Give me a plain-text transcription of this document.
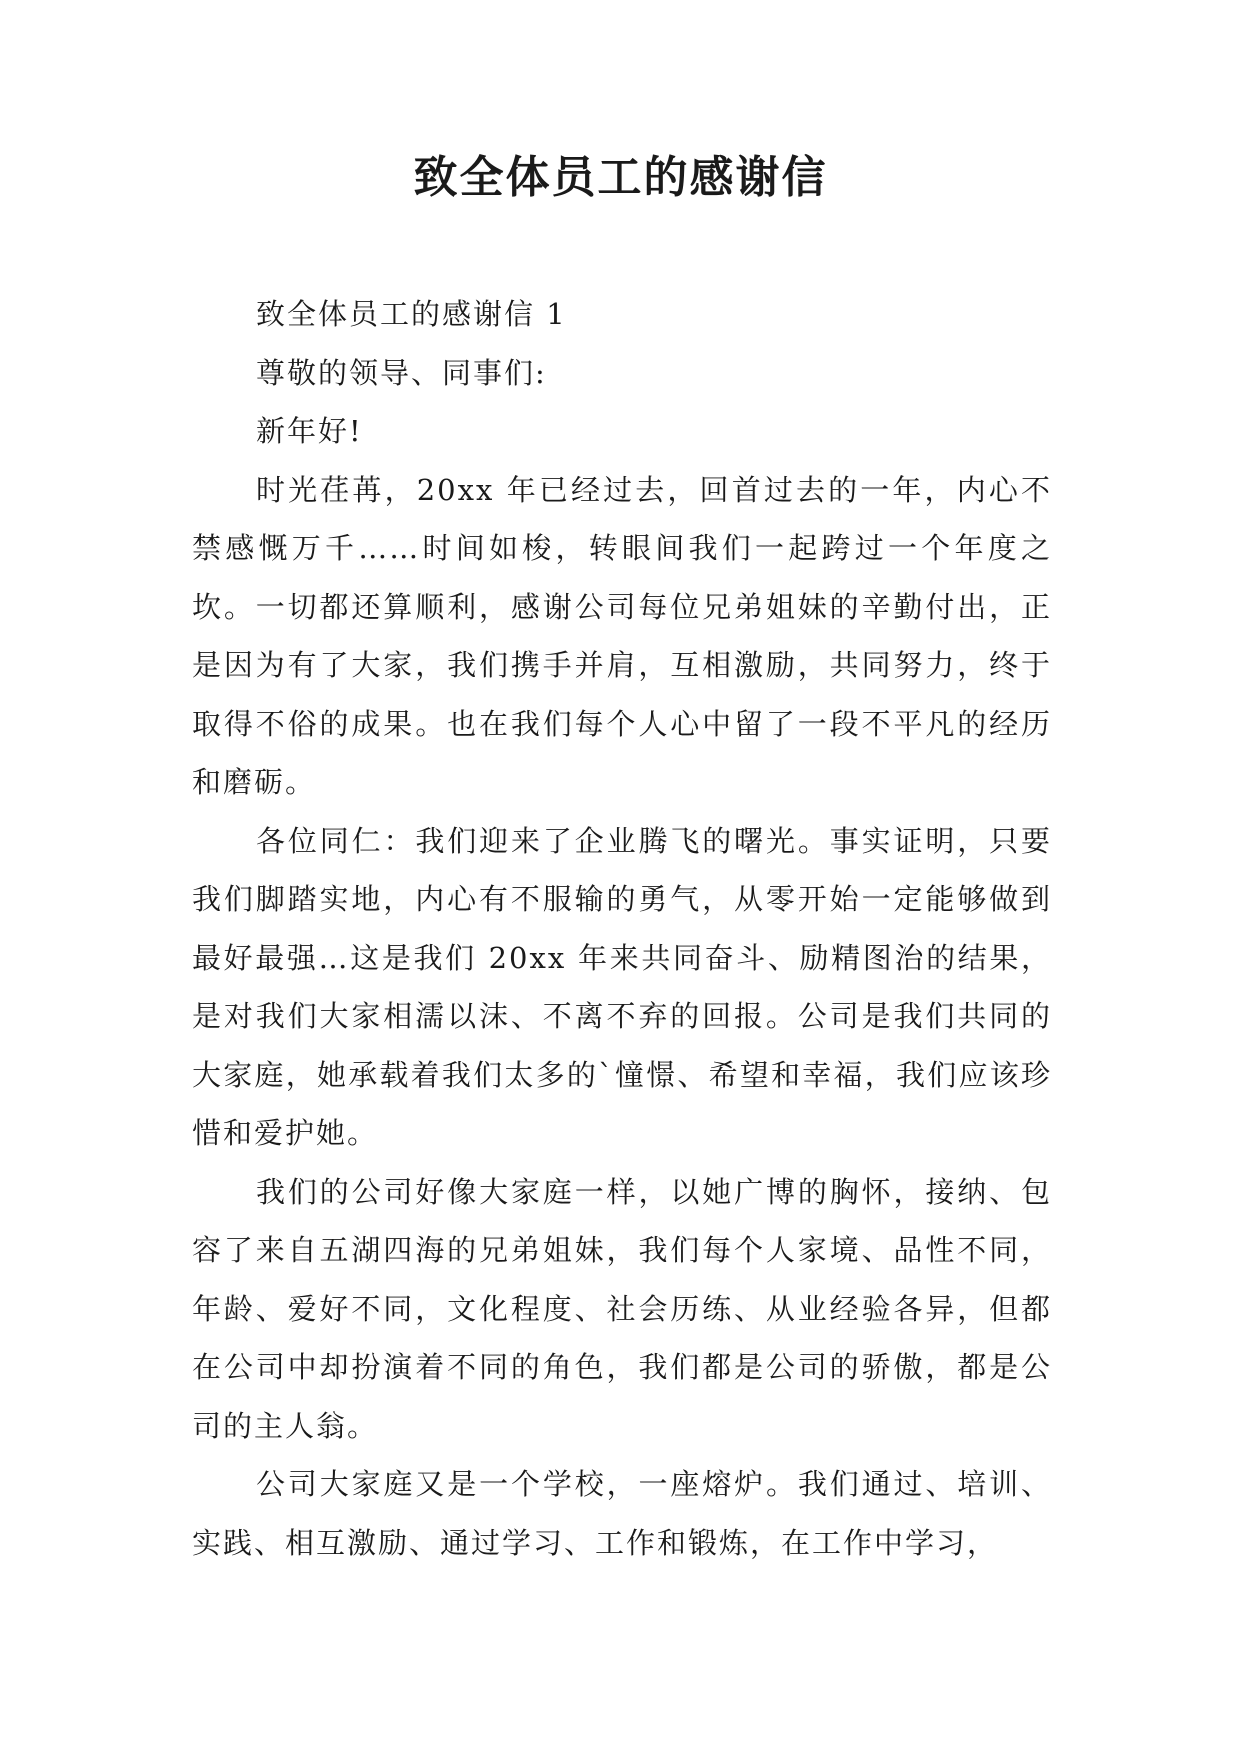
致全体员工的感谢信

致全体员工的感谢信 1

尊敬的领导、同事们:

新年好!

时光荏苒，20xx 年已经过去，回首过去的一年，内心不禁感慨万千……时间如梭，转眼间我们一起跨过一个年度之坎。一切都还算顺利，感谢公司每位兄弟姐妹的辛勤付出，正是因为有了大家，我们携手并肩，互相激励，共同努力，终于取得不俗的成果。也在我们每个人心中留了一段不平凡的经历和磨砺。

各位同仁：我们迎来了企业腾飞的曙光。事实证明，只要我们脚踏实地，内心有不服输的勇气，从零开始一定能够做到最好最强…这是我们 20xx 年来共同奋斗、励精图治的结果，是对我们大家相濡以沫、不离不弃的回报。公司是我们共同的大家庭，她承载着我们太多的`憧憬、希望和幸福，我们应该珍惜和爱护她。

我们的公司好像大家庭一样，以她广博的胸怀，接纳、包容了来自五湖四海的兄弟姐妹，我们每个人家境、品性不同，年龄、爱好不同，文化程度、社会历练、从业经验各异，但都在公司中却扮演着不同的角色，我们都是公司的骄傲，都是公司的主人翁。

公司大家庭又是一个学校，一座熔炉。我们通过、培训、实践、相互激励、通过学习、工作和锻炼，在工作中学习，
